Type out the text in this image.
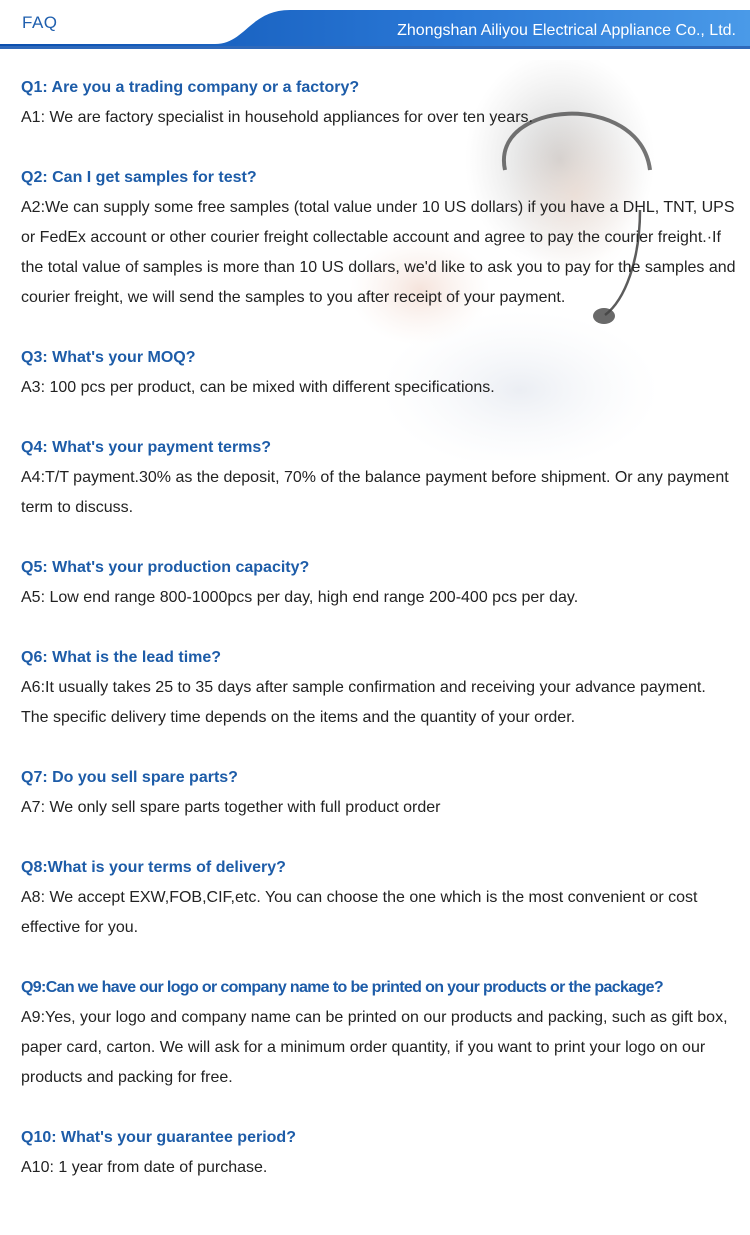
FAQ	Zhongshan Ailiyou Electrical Appliance Co., Ltd.
Q1: Are you a trading company or a factory?
A1: We are factory specialist in household appliances for over ten years.
Q2: Can I get samples for test?
A2:We can supply some free samples (total value under 10 US dollars) if you have a DHL, TNT, UPS or FedEx account or other courier freight collectable account and agree to pay the courier freight.·If the total value of samples is more than 10 US dollars, we'd like to ask you to pay for the samples and courier freight, we will send the samples to you after receipt of your payment.
Q3: What's your MOQ?
A3: 100 pcs per product, can be mixed with different specifications.
Q4: What's your payment terms?
A4:T/T payment.30% as the deposit, 70% of the balance payment before shipment. Or any payment term to discuss.
Q5: What's your production capacity?
A5: Low end range 800-1000pcs per day, high end range 200-400 pcs per day.
Q6: What is the lead time?
A6:It usually takes 25 to 35 days after sample confirmation and receiving your advance payment. The specific delivery time depends on the items and the quantity of your order.
Q7: Do you sell spare parts?
A7: We only sell spare parts together with full product order
Q8:What is your terms of delivery?
A8: We accept EXW,FOB,CIF,etc. You can choose the one which is the most convenient or cost effective for you.
Q9:Can we have our logo or company name to be printed on your products or the package?
A9:Yes, your logo and company name can be printed on our products and packing, such as gift box, paper card, carton. We will ask for a minimum order quantity, if you want to print your logo on our products and packing for free.
Q10: What's your guarantee period?
A10: 1 year from date of purchase.
